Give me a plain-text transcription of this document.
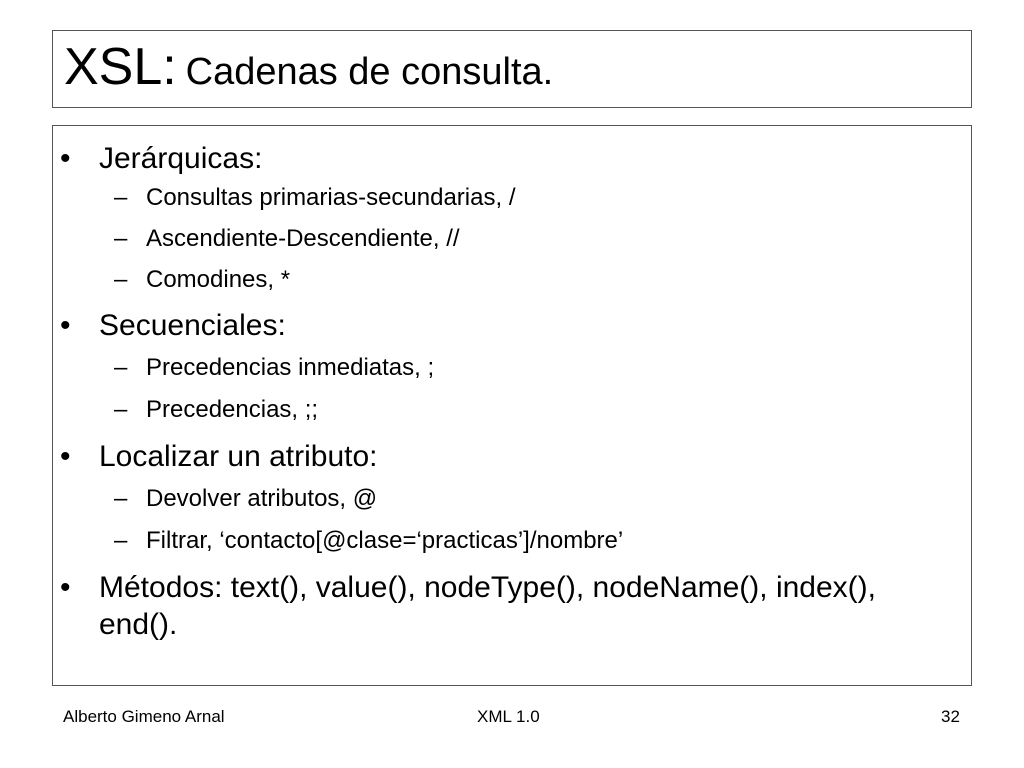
XSL: Cadenas de consulta.
• Jerárquicas:
– Consultas primarias-secundarias, /
– Ascendiente-Descendiente, //
– Comodines, *
• Secuenciales:
– Precedencias inmediatas, ;
– Precedencias, ;;
• Localizar un atributo:
– Devolver atributos, @
– Filtrar, ‘contacto[@clase=‘practicas’]/nombre’
• Métodos: text(), value(), nodeType(), nodeName(), index(), end().
Alberto Gimeno Arnal	XML 1.0	32
